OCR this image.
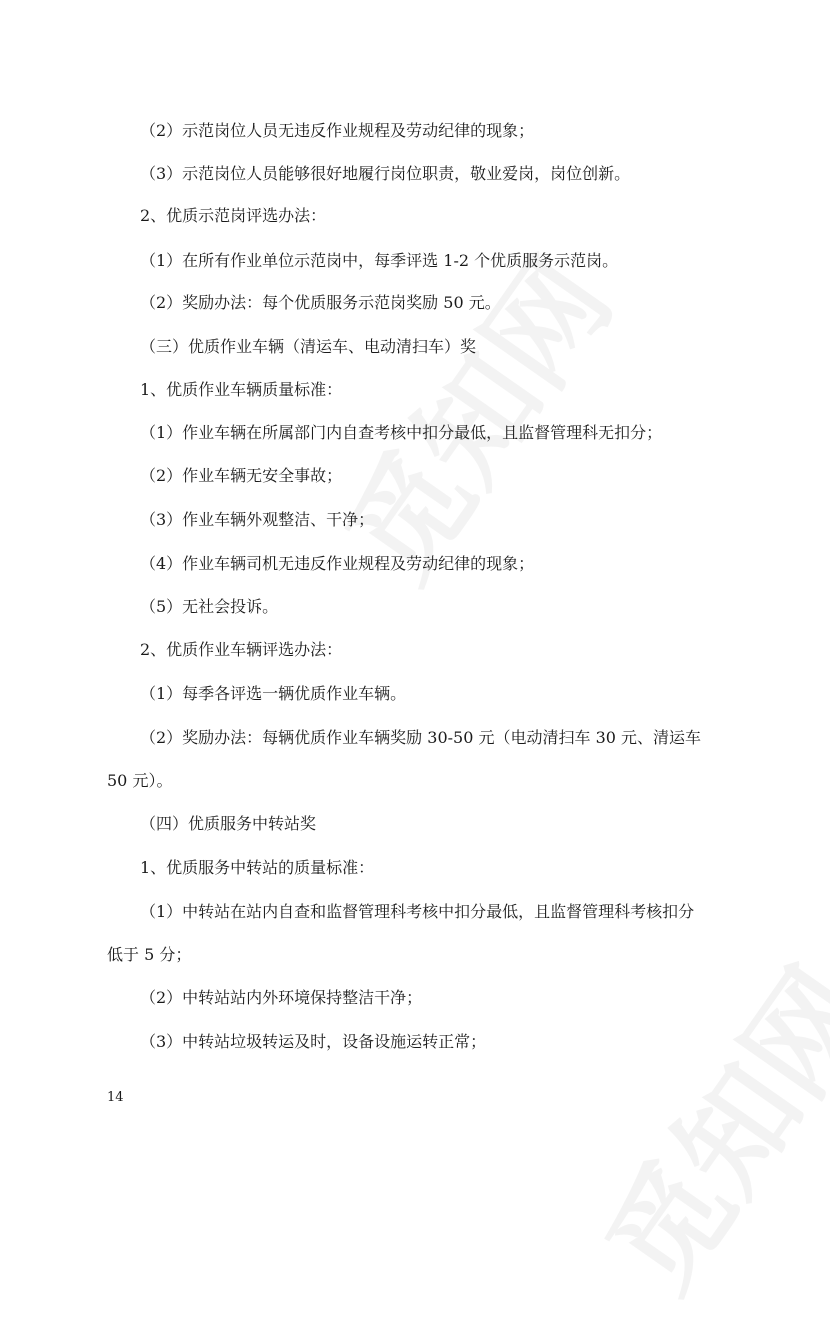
（2）示范岗位人员无违反作业规程及劳动纪律的现象；
（3）示范岗位人员能够很好地履行岗位职责，敬业爱岗，岗位创新。
2、优质示范岗评选办法：
（1）在所有作业单位示范岗中，每季评选 1-2 个优质服务示范岗。
（2）奖励办法：每个优质服务示范岗奖励 50 元。
（三）优质作业车辆（清运车、电动清扫车）奖
1、优质作业车辆质量标准：
（1）作业车辆在所属部门内自查考核中扣分最低，且监督管理科无扣分；
（2）作业车辆无安全事故；
（3）作业车辆外观整洁、干净；
（4）作业车辆司机无违反作业规程及劳动纪律的现象；
（5）无社会投诉。
2、优质作业车辆评选办法：
（1）每季各评选一辆优质作业车辆。
（2）奖励办法：每辆优质作业车辆奖励 30-50 元（电动清扫车 30 元、清运车
50 元）。
（四）优质服务中转站奖
1、优质服务中转站的质量标准：
（1）中转站在站内自查和监督管理科考核中扣分最低，且监督管理科考核扣分
低于 5 分；
（2）中转站站内外环境保持整洁干净；
（3）中转站垃圾转运及时，设备设施运转正常；
14
